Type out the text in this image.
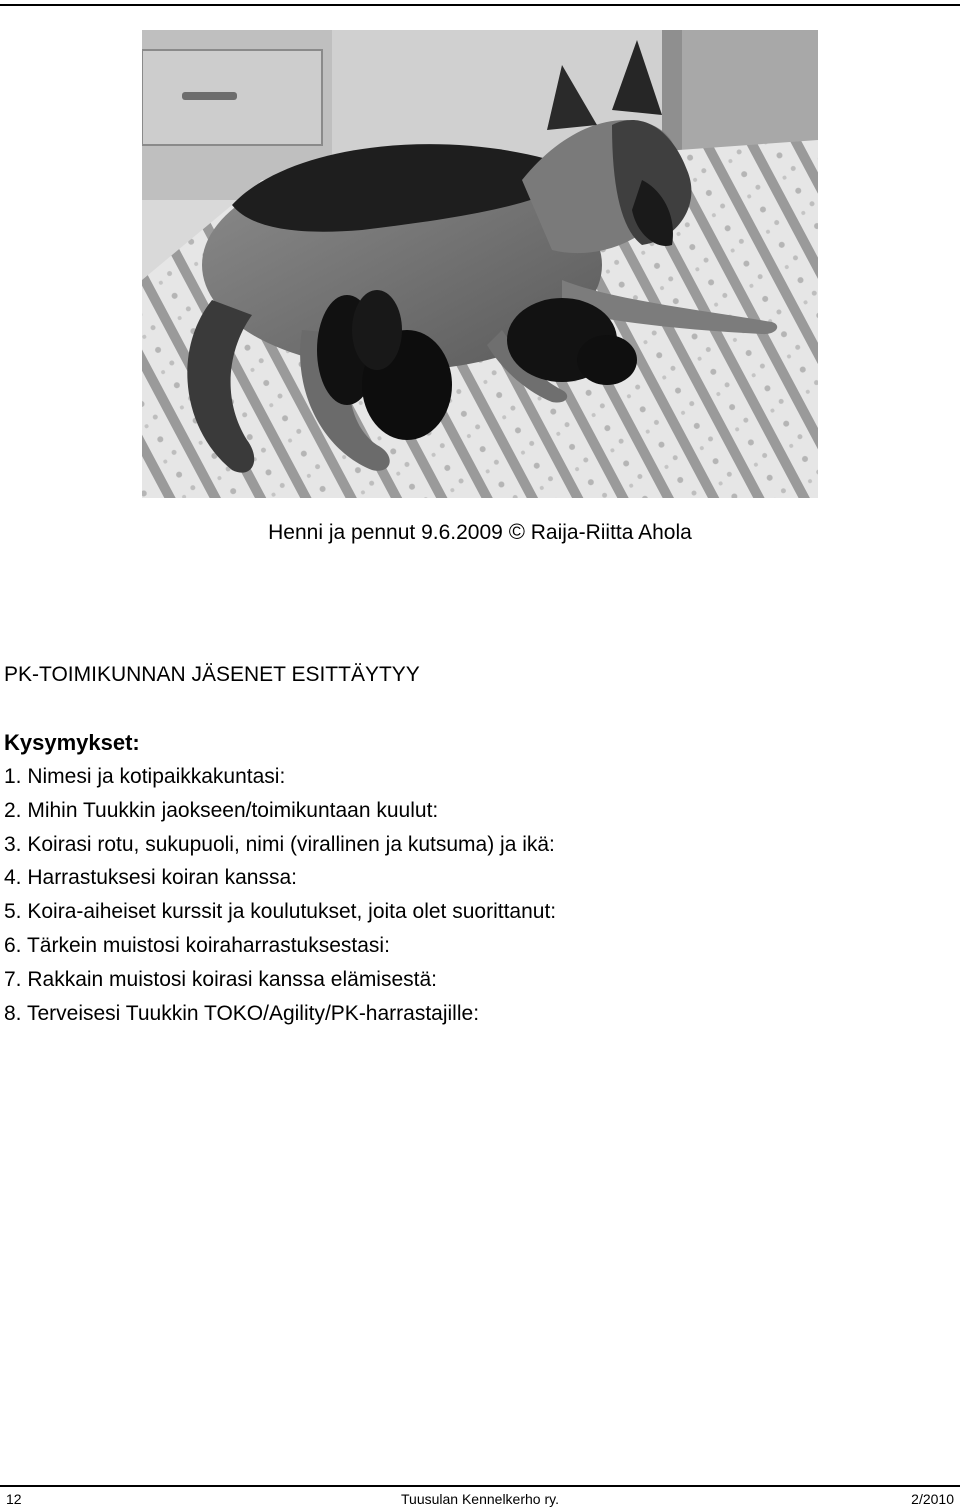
Henni ja pennut 9.6.2009 © Raija-Riitta Ahola
PK-TOIMIKUNNAN JÄSENET ESITTÄYTYY
Kysymykset:
1. Nimesi ja kotipaikkakuntasi:
2. Mihin Tuukkin jaokseen/toimikuntaan kuulut:
3. Koirasi rotu, sukupuoli, nimi (virallinen ja kutsuma) ja ikä:
4. Harrastuksesi koiran kanssa:
5. Koira-aiheiset kurssit ja koulutukset, joita olet suorittanut:
6. Tärkein muistosi koiraharrastuksestasi:
7. Rakkain muistosi koirasi kanssa elämisestä:
8. Terveisesi Tuukkin TOKO/Agility/PK-harrastajille:
Tuusulan Kennelkerho ry.
12	2/2010
